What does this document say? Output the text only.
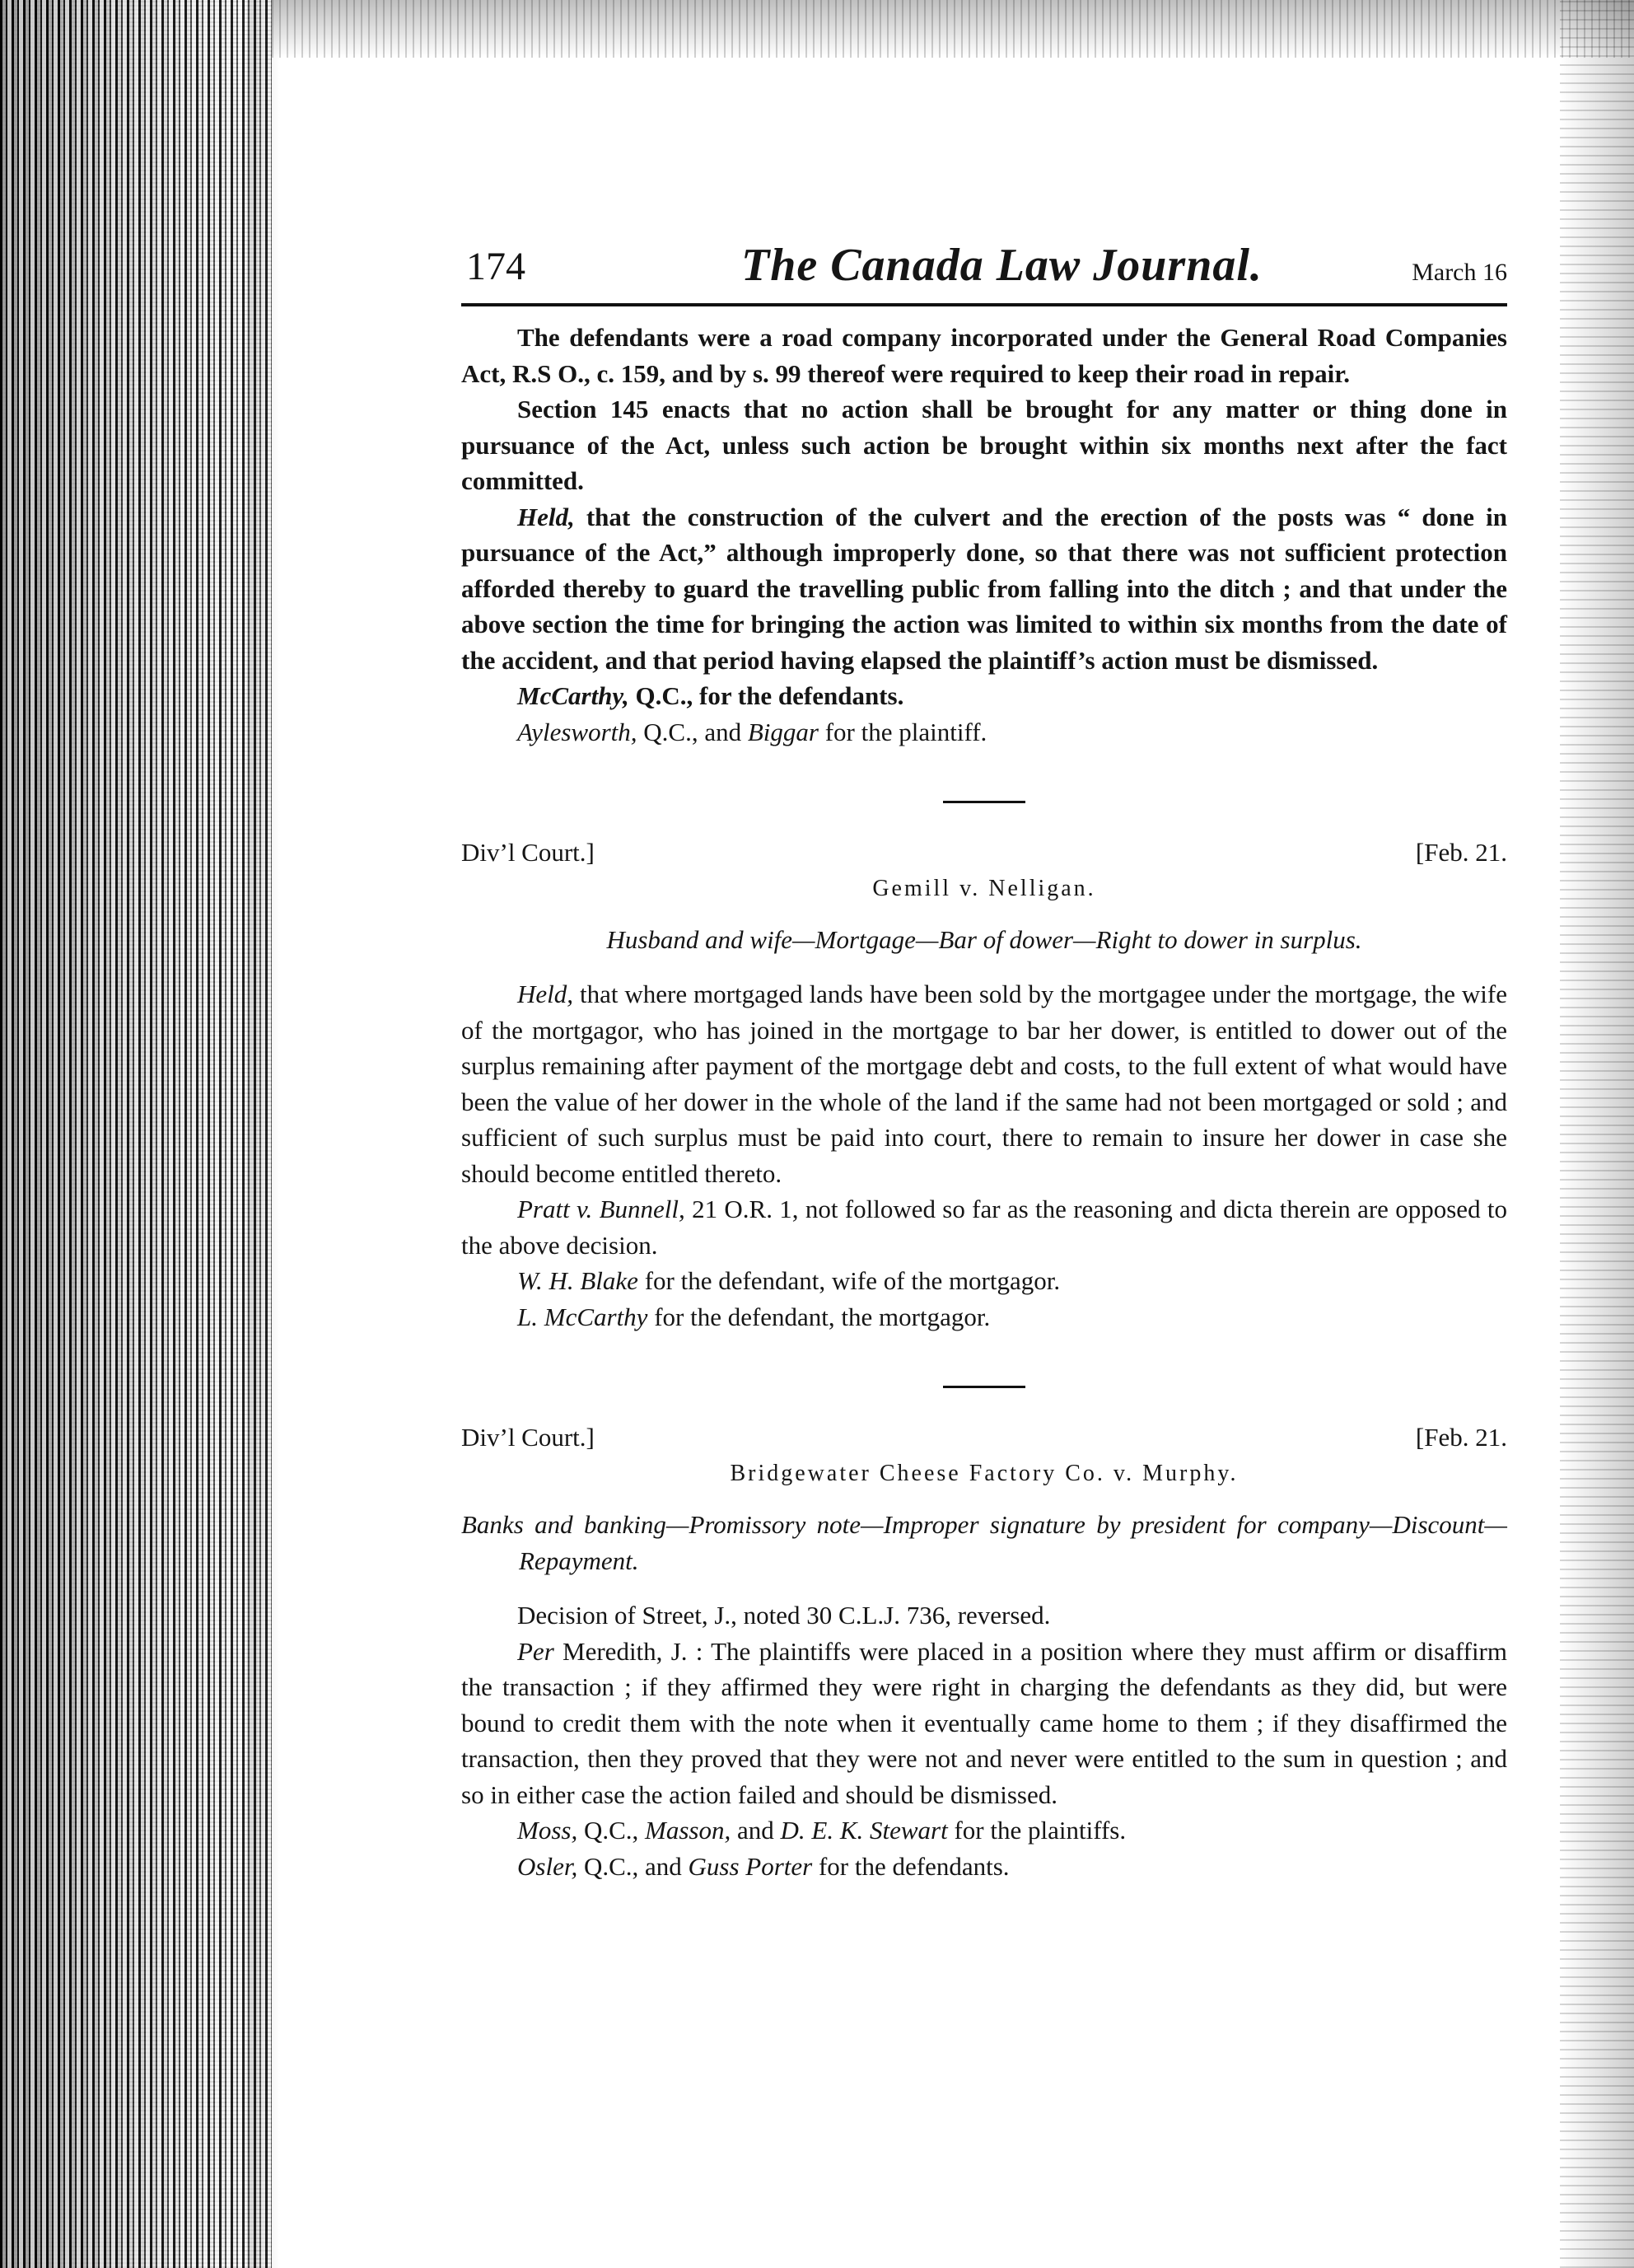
174	The Canada Law Journal.	March 16

The defendants were a road company incorporated under the General Road Companies Act, R.S O., c. 159, and by s. 99 thereof were required to keep their road in repair.

Section 145 enacts that no action shall be brought for any matter or thing done in pursuance of the Act, unless such action be brought within six months next after the fact committed.

Held, that the construction of the culvert and the erection of the posts was “ done in pursuance of the Act,” although improperly done, so that there was not sufficient protection afforded thereby to guard the travelling public from falling into the ditch ; and that under the above section the time for bringing the action was limited to within six months from the date of the accident, and that period having elapsed the plaintiff’s action must be dismissed.

McCarthy, Q.C., for the defendants.

Aylesworth, Q.C., and Biggar for the plaintiff.

Div’l Court.]	[Feb. 21.
Gemill v. Nelligan.
Husband and wife—Mortgage—Bar of dower—Right to dower in surplus.

Held, that where mortgaged lands have been sold by the mortgagee under the mortgage, the wife of the mortgagor, who has joined in the mortgage to bar her dower, is entitled to dower out of the surplus remaining after payment of the mortgage debt and costs, to the full extent of what would have been the value of her dower in the whole of the land if the same had not been mortgaged or sold ; and sufficient of such surplus must be paid into court, there to remain to insure her dower in case she should become entitled thereto.

Pratt v. Bunnell, 21 O.R. 1, not followed so far as the reasoning and dicta therein are opposed to the above decision.

W. H. Blake for the defendant, wife of the mortgagor.

L. McCarthy for the defendant, the mortgagor.

Div’l Court.]	[Feb. 21.
Bridgewater Cheese Factory Co. v. Murphy.
Banks and banking—Promissory note—Improper signature by president for company—Discount—Repayment.

Decision of Street, J., noted 30 C.L.J. 736, reversed.

Per Meredith, J. : The plaintiffs were placed in a position where they must affirm or disaffirm the transaction ; if they affirmed they were right in charging the defendants as they did, but were bound to credit them with the note when it eventually came home to them ; if they disaffirmed the transaction, then they proved that they were not and never were entitled to the sum in question ; and so in either case the action failed and should be dismissed.

Moss, Q.C., Masson, and D. E. K. Stewart for the plaintiffs.

Osler, Q.C., and Guss Porter for the defendants.
